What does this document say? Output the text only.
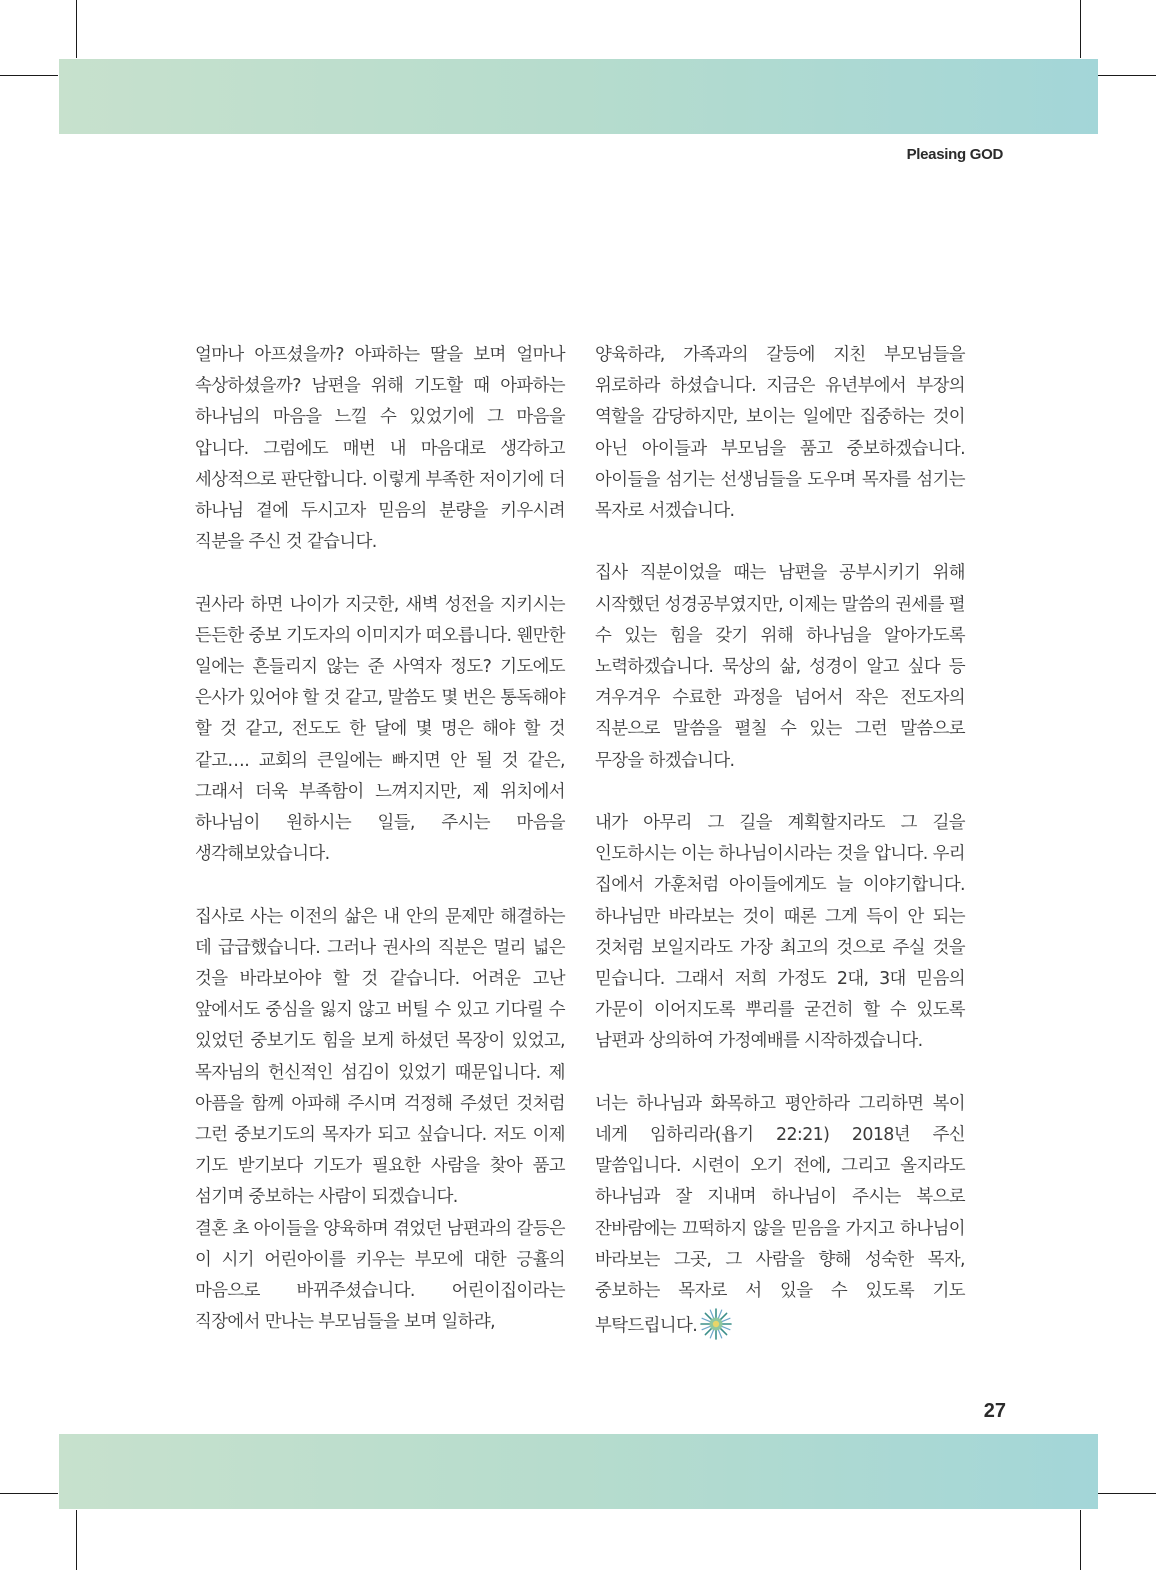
Pleasing GOD

얼마나 아프셨을까? 아파하는 딸을 보며 얼마나 속상하셨을까? 남편을 위해 기도할 때 아파하는 하나님의 마음을 느낄 수 있었기에 그 마음을 압니다. 그럼에도 매번 내 마음대로 생각하고 세상적으로 판단합니다. 이렇게 부족한 저이기에 더 하나님 곁에 두시고자 믿음의 분량을 키우시려 직분을 주신 것 같습니다.

권사라 하면 나이가 지긋한, 새벽 성전을 지키시는 든든한 중보 기도자의 이미지가 떠오릅니다. 웬만한 일에는 흔들리지 않는 준 사역자 정도? 기도에도 은사가 있어야 할 것 같고, 말씀도 몇 번은 통독해야 할 것 같고, 전도도 한 달에 몇 명은 해야 할 것 같고…. 교회의 큰일에는 빠지면 안 될 것 같은, 그래서 더욱 부족함이 느껴지지만, 제 위치에서 하나님이 원하시는 일들, 주시는 마음을 생각해보았습니다.

집사로 사는 이전의 삶은 내 안의 문제만 해결하는 데 급급했습니다. 그러나 권사의 직분은 멀리 넓은 것을 바라보아야 할 것 같습니다. 어려운 고난 앞에서도 중심을 잃지 않고 버틸 수 있고 기다릴 수 있었던 중보기도 힘을 보게 하셨던 목장이 있었고, 목자님의 헌신적인 섬김이 있었기 때문입니다. 제 아픔을 함께 아파해 주시며 걱정해 주셨던 것처럼 그런 중보기도의 목자가 되고 싶습니다. 저도 이제 기도 받기보다 기도가 필요한 사람을 찾아 품고 섬기며 중보하는 사람이 되겠습니다.

결혼 초 아이들을 양육하며 겪었던 남편과의 갈등은 이 시기 어린아이를 키우는 부모에 대한 긍휼의 마음으로 바뀌주셨습니다. 어린이집이라는 직장에서 만나는 부모님들을 보며 일하랴,

양육하랴, 가족과의 갈등에 지친 부모님들을 위로하라 하셨습니다. 지금은 유년부에서 부장의 역할을 감당하지만, 보이는 일에만 집중하는 것이 아닌 아이들과 부모님을 품고 중보하겠습니다. 아이들을 섬기는 선생님들을 도우며 목자를 섬기는 목자로 서겠습니다.

집사 직분이었을 때는 남편을 공부시키기 위해 시작했던 성경공부였지만, 이제는 말씀의 권세를 펼 수 있는 힘을 갖기 위해 하나님을 알아가도록 노력하겠습니다. 묵상의 삶, 성경이 알고 싶다 등 겨우겨우 수료한 과정을 넘어서 작은 전도자의 직분으로 말씀을 펼칠 수 있는 그런 말씀으로 무장을 하겠습니다.

내가 아무리 그 길을 계획할지라도 그 길을 인도하시는 이는 하나님이시라는 것을 압니다. 우리 집에서 가훈처럼 아이들에게도 늘 이야기합니다. 하나님만 바라보는 것이 때론 그게 득이 안 되는 것처럼 보일지라도 가장 최고의 것으로 주실 것을 믿습니다. 그래서 저희 가정도 2대, 3대 믿음의 가문이 이어지도록 뿌리를 굳건히 할 수 있도록 남편과 상의하여 가정예배를 시작하겠습니다.

너는 하나님과 화목하고 평안하라 그리하면 복이 네게 임하리라(욥기 22:21) 2018년 주신 말씀입니다. 시련이 오기 전에, 그리고 올지라도 하나님과 잘 지내며 하나님이 주시는 복으로 잔바람에는 끄떡하지 않을 믿음을 가지고 하나님이 바라보는 그곳, 그 사람을 향해 성숙한 목자, 중보하는 목자로 서 있을 수 있도록 기도 부탁드립니다.

27
